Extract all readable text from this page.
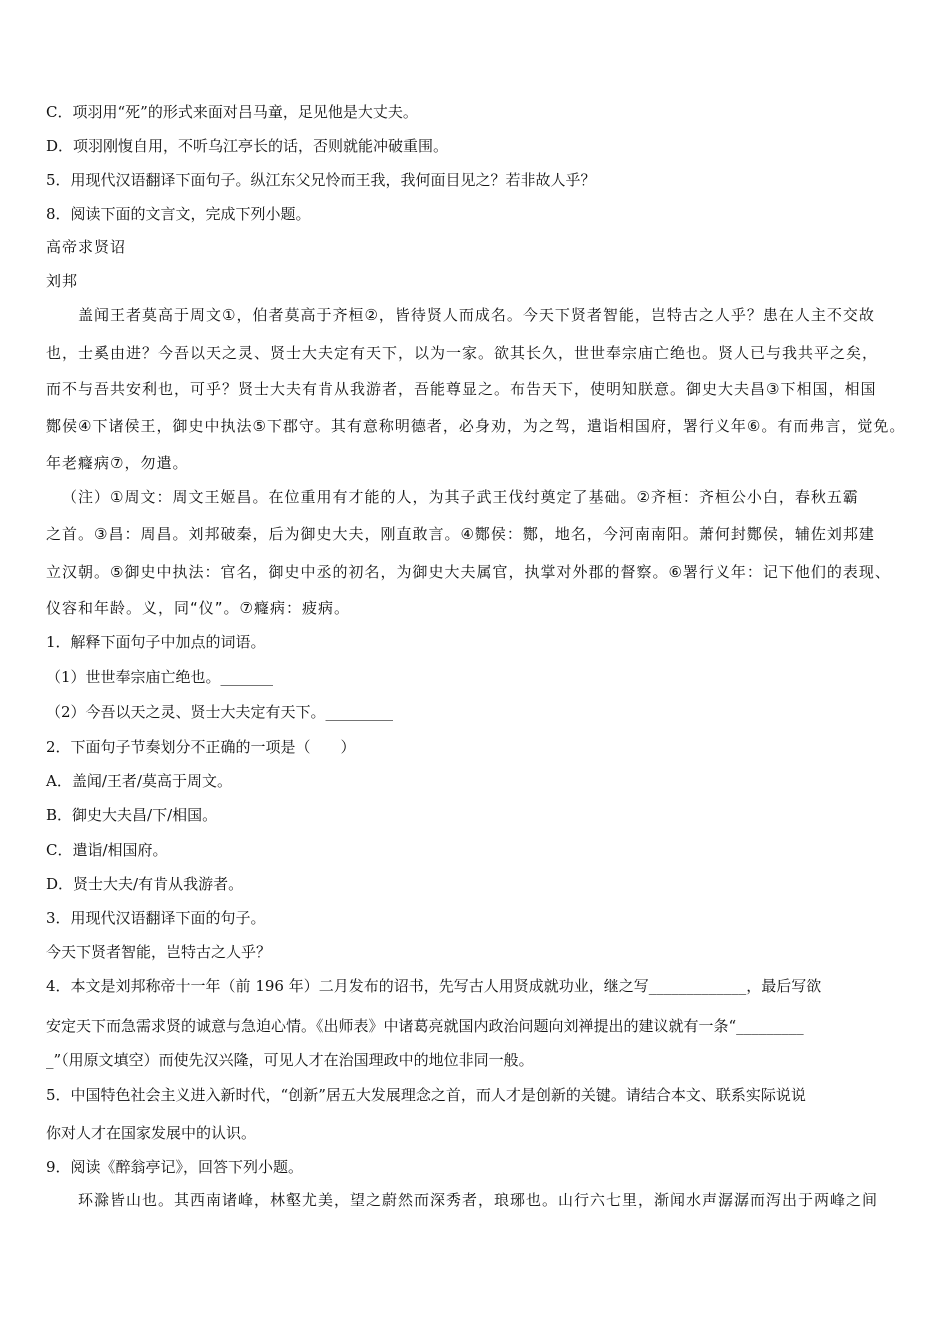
C．项羽用“死”的形式来面对吕马童，足见他是大丈夫。
D．项羽刚愎自用，不听乌江亭长的话，否则就能冲破重围。
5．用现代汉语翻译下面句子。纵江东父兄怜而王我，我何面目见之？若非故人乎？
8．阅读下面的文言文，完成下列小题。
高帝求贤诏
刘邦
盖闻王者莫高于周文①，伯者莫高于齐桓②，皆待贤人而成名。今天下贤者智能，岂特古之人乎？患在人主不交故
也，士奚由进？今吾以天之灵、贤士大夫定有天下，以为一家。欲其长久，世世奉宗庙亡绝也。贤人已与我共平之矣，
而不与吾共安利也，可乎？贤士大夫有肯从我游者，吾能尊显之。布告天下，使明知朕意。御史大夫昌③下相国，相国
酂侯④下诸侯王，御史中执法⑤下郡守。其有意称明德者，必身劝，为之驾，遣诣相国府，署行义年⑥。有而弗言，觉免。
年老癃病⑦，勿遣。
（注）①周文：周文王姬昌。在位重用有才能的人，为其子武王伐纣奠定了基础。②齐桓：齐桓公小白，春秋五霸
之首。③昌：周昌。刘邦破秦，后为御史大夫，刚直敢言。④酂侯：酂，地名，今河南南阳。萧何封酂侯，辅佐刘邦建
立汉朝。⑤御史中执法：官名，御史中丞的初名，为御史大夫属官，执掌对外郡的督察。⑥署行义年：记下他们的表现、
仪容和年龄。义，同“仪”。⑦癃病：疲病。
1．解释下面句子中加点的词语。
（1）世世奉宗庙亡绝也。_______
（2）今吾以天之灵、贤士大夫定有天下。_________
2．下面句子节奏划分不正确的一项是（　　）
A．盖闻/王者/莫高于周文。
B．御史大夫昌/下/相国。
C．遣诣/相国府。
D．贤士大夫/有肯从我游者。
3．用现代汉语翻译下面的句子。
今天下贤者智能，岂特古之人乎？
4．本文是刘邦称帝十一年（前 196 年）二月发布的诏书，先写古人用贤成就功业，继之写_____________，最后写欲
安定天下而急需求贤的诚意与急迫心情。《出师表》中诸葛亮就国内政治问题向刘禅提出的建议就有一条“_________
_”（用原文填空）而使先汉兴隆，可见人才在治国理政中的地位非同一般。
5．中国特色社会主义进入新时代，“创新”居五大发展理念之首，而人才是创新的关键。请结合本文、联系实际说说
你对人才在国家发展中的认识。
9．阅读《醉翁亭记》，回答下列小题。
环滁皆山也。其西南诸峰，林壑尤美，望之蔚然而深秀者，琅琊也。山行六七里，渐闻水声潺潺而泻出于两峰之间
